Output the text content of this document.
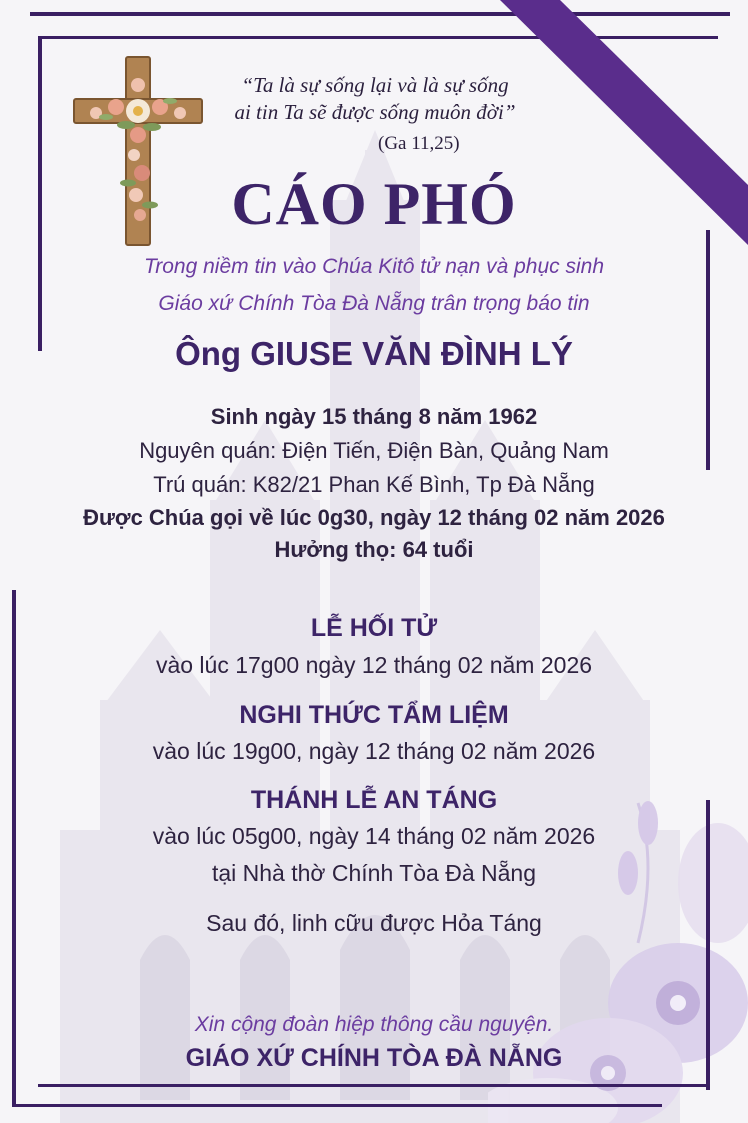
“Ta là sự sống lại và là sự sống
ai tin Ta sẽ được sống muôn đời”
(Ga 11,25)
CÁO PHÓ
Trong niềm tin vào Chúa Kitô tử nạn và phục sinh
Giáo xứ Chính Tòa Đà Nẵng trân trọng báo tin
Ông GIUSE VĂN ĐÌNH LÝ
Sinh ngày 15 tháng 8 năm 1962
Nguyên quán: Điện Tiến, Điện Bàn, Quảng Nam
Trú quán: K82/21 Phan Kế Bình, Tp Đà Nẵng
Được Chúa gọi về lúc 0g30, ngày 12 tháng 02 năm 2026
Hưởng thọ: 64 tuổi
LỄ HỐI TỬ
vào lúc 17g00 ngày 12 tháng 02 năm 2026
NGHI THỨC TẨM LIỆM
vào lúc 19g00, ngày 12 tháng 02 năm 2026
THÁNH LỄ AN TÁNG
vào lúc 05g00, ngày 14 tháng 02 năm 2026
tại Nhà thờ Chính Tòa Đà Nẵng
Sau đó, linh cữu được Hỏa Táng
Xin cộng đoàn hiệp thông cầu nguyện.
GIÁO XỨ CHÍNH TÒA ĐÀ NẴNG
